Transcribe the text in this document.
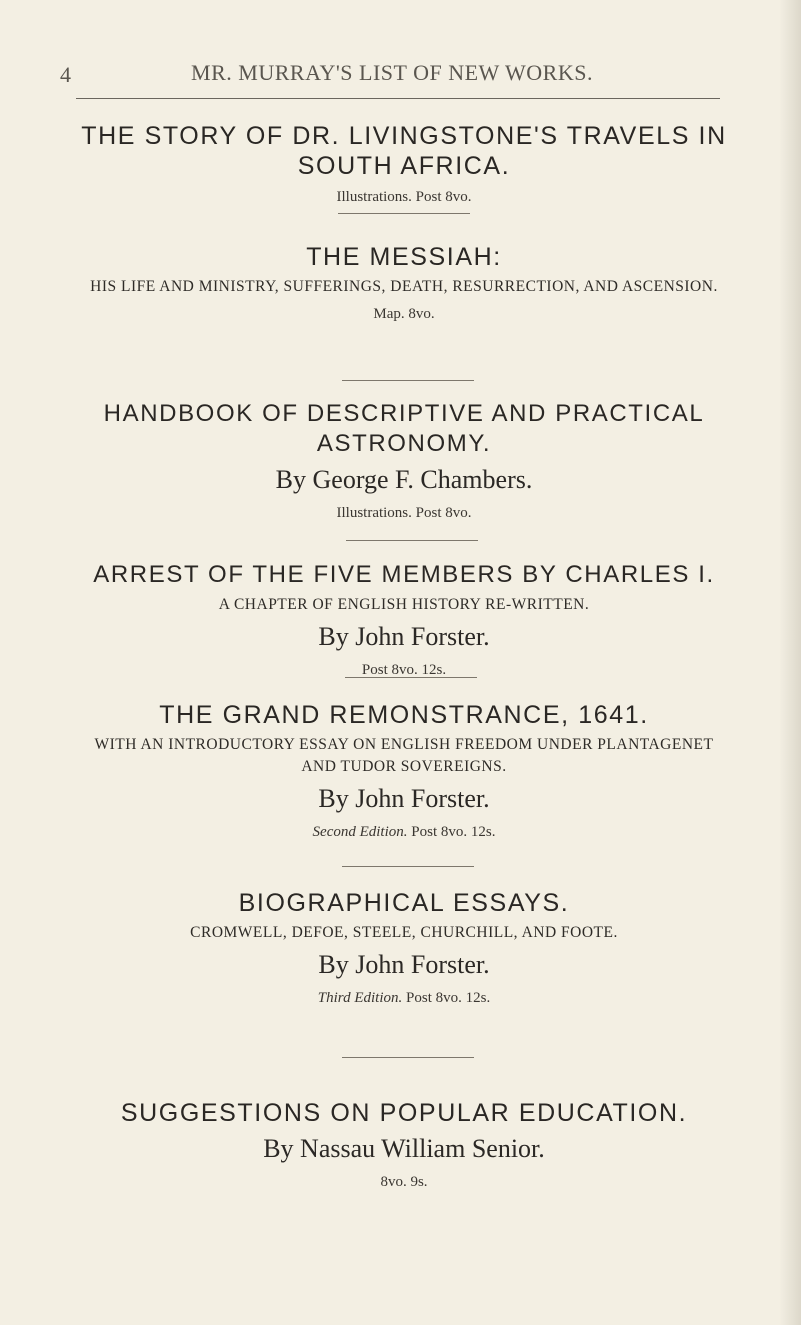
4	MR. MURRAY'S LIST OF NEW WORKS.
THE STORY OF DR. LIVINGSTONE'S TRAVELS IN SOUTH AFRICA.
Illustrations. Post 8vo.
THE MESSIAH:
HIS LIFE AND MINISTRY, SUFFERINGS, DEATH, RESURRECTION, AND ASCENSION.
Map. 8vo.
HANDBOOK OF DESCRIPTIVE AND PRACTICAL ASTRONOMY.
By George F. Chambers.
Illustrations. Post 8vo.
ARREST OF THE FIVE MEMBERS BY CHARLES I.
A CHAPTER OF ENGLISH HISTORY RE-WRITTEN.
By John Forster.
Post 8vo. 12s.
THE GRAND REMONSTRANCE, 1641.
WITH AN INTRODUCTORY ESSAY ON ENGLISH FREEDOM UNDER PLANTAGENET AND TUDOR SOVEREIGNS.
By John Forster.
Second Edition. Post 8vo. 12s.
BIOGRAPHICAL ESSAYS.
CROMWELL, DEFOE, STEELE, CHURCHILL, AND FOOTE.
By John Forster.
Third Edition. Post 8vo. 12s.
SUGGESTIONS ON POPULAR EDUCATION.
By Nassau William Senior.
8vo. 9s.
